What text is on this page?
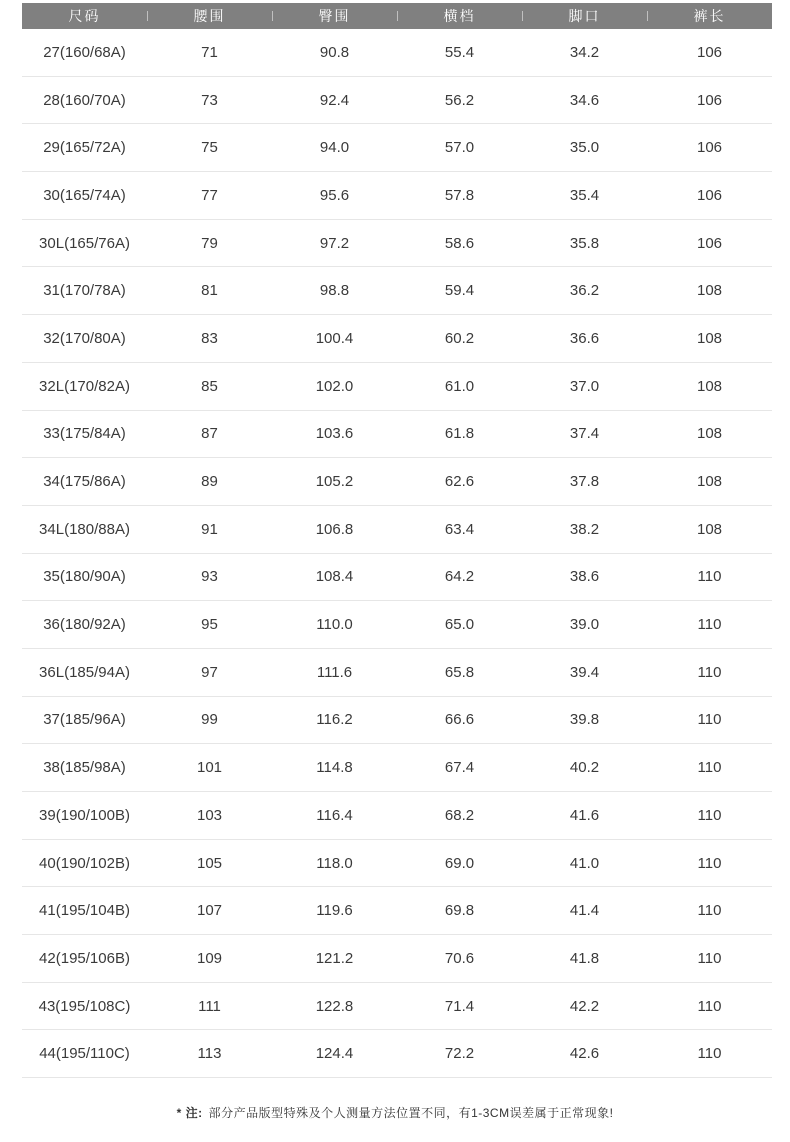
尺码	腰围	臀围	横档	脚口	裤长
27(160/68A)	71	90.8	55.4	34.2	106
28(160/70A)	73	92.4	56.2	34.6	106
29(165/72A)	75	94.0	57.0	35.0	106
30(165/74A)	77	95.6	57.8	35.4	106
30L(165/76A)	79	97.2	58.6	35.8	106
31(170/78A)	81	98.8	59.4	36.2	108
32(170/80A)	83	100.4	60.2	36.6	108
32L(170/82A)	85	102.0	61.0	37.0	108
33(175/84A)	87	103.6	61.8	37.4	108
34(175/86A)	89	105.2	62.6	37.8	108
34L(180/88A)	91	106.8	63.4	38.2	108
35(180/90A)	93	108.4	64.2	38.6	110
36(180/92A)	95	110.0	65.0	39.0	110
36L(185/94A)	97	111.6	65.8	39.4	110
37(185/96A)	99	116.2	66.6	39.8	110
38(185/98A)	101	114.8	67.4	40.2	110
39(190/100B)	103	116.4	68.2	41.6	110
40(190/102B)	105	118.0	69.0	41.0	110
41(195/104B)	107	119.6	69.8	41.4	110
42(195/106B)	109	121.2	70.6	41.8	110
43(195/108C)	111	122.8	71.4	42.2	110
44(195/110C)	113	124.4	72.2	42.6	110
* 注: 部分产品版型特殊及个人测量方法位置不同，有1-3CM误差属于正常现象!
